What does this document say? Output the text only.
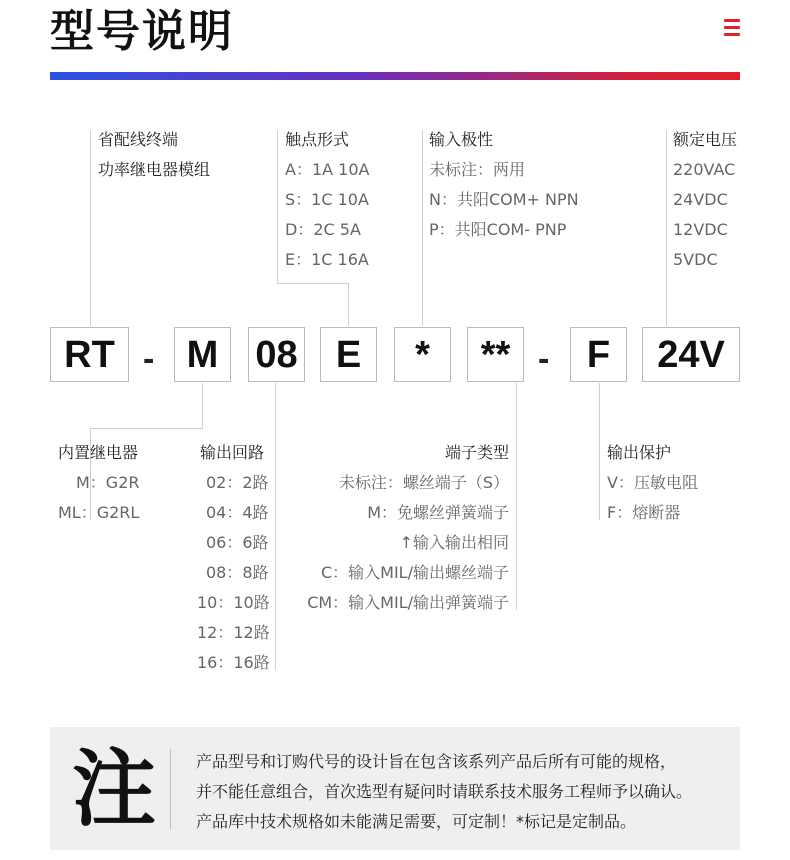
型号说明
省配线终端
功率继电器模组
触点形式
A：1A 10A
S：1C 10A
D：2C 5A
E：1C 16A
输入极性
未标注：两用
N：共阳COM+ NPN
P：共阳COM- PNP
额定电压
220VAC
24VDC
12VDC
5VDC
RT - M 08	E	*	** - F	24V
内置继电器
M：G2R
ML：G2RL
输出回路
02：2路
04：4路
06：6路
08：8路
10：10路
12：12路
16：16路
端子类型
未标注：螺丝端子（S）
M：免螺丝弹簧端子
↑输入输出相同
C：输入MIL/输出螺丝端子
CM：输入MIL/输出弹簧端子
输出保护
V：压敏电阻
F：熔断器
注 产品型号和订购代号的设计旨在包含该系列产品后所有可能的规格，
并不能任意组合，首次选型有疑问时请联系技术服务工程师予以确认。
产品库中技术规格如未能满足需要，可定制！*标记是定制品。
